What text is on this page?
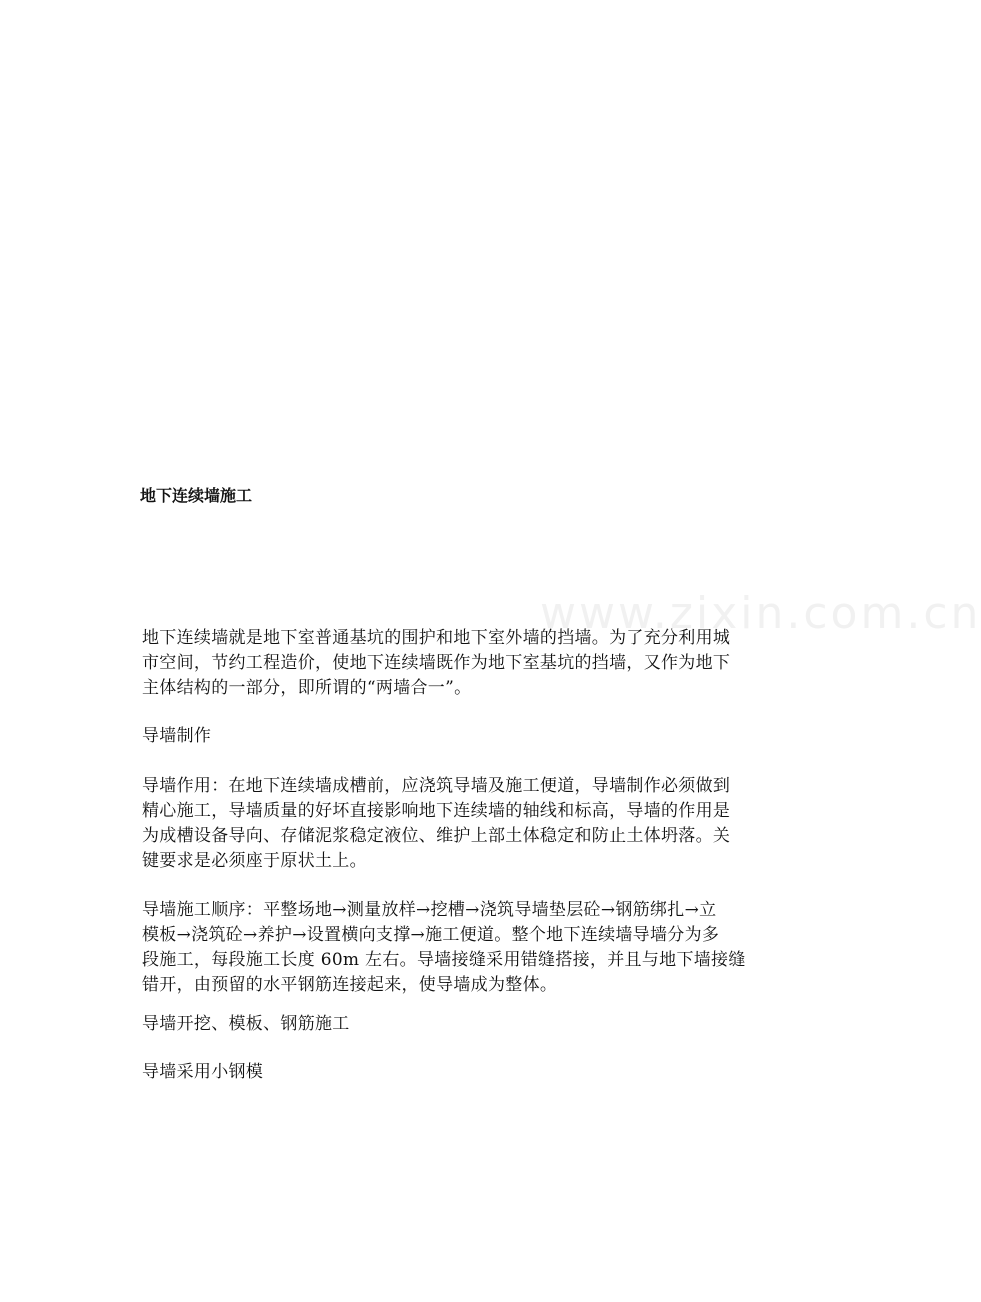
www.zixin.com.cn
地下连续墙施工
地下连续墙就是地下室普通基坑的围护和地下室外墙的挡墙。为了充分利用城
市空间，节约工程造价，使地下连续墙既作为地下室基坑的挡墙，又作为地下
主体结构的一部分，即所谓的“两墙合一”。
导墙制作
导墙作用：在地下连续墙成槽前，应浇筑导墙及施工便道，导墙制作必须做到
精心施工，导墙质量的好坏直接影响地下连续墙的轴线和标高，导墙的作用是
为成槽设备导向、存储泥浆稳定液位、维护上部土体稳定和防止土体坍落。关
键要求是必须座于原状土上。
导墙施工顺序：平整场地→测量放样→挖槽→浇筑导墙垫层砼→钢筋绑扎→立
模板→浇筑砼→养护→设置横向支撑→施工便道。整个地下连续墙导墙分为多
段施工，每段施工长度 60m 左右。导墙接缝采用错缝搭接，并且与地下墙接缝
错开，由预留的水平钢筋连接起来，使导墙成为整体。
导墙开挖、模板、钢筋施工
导墙采用小钢模
